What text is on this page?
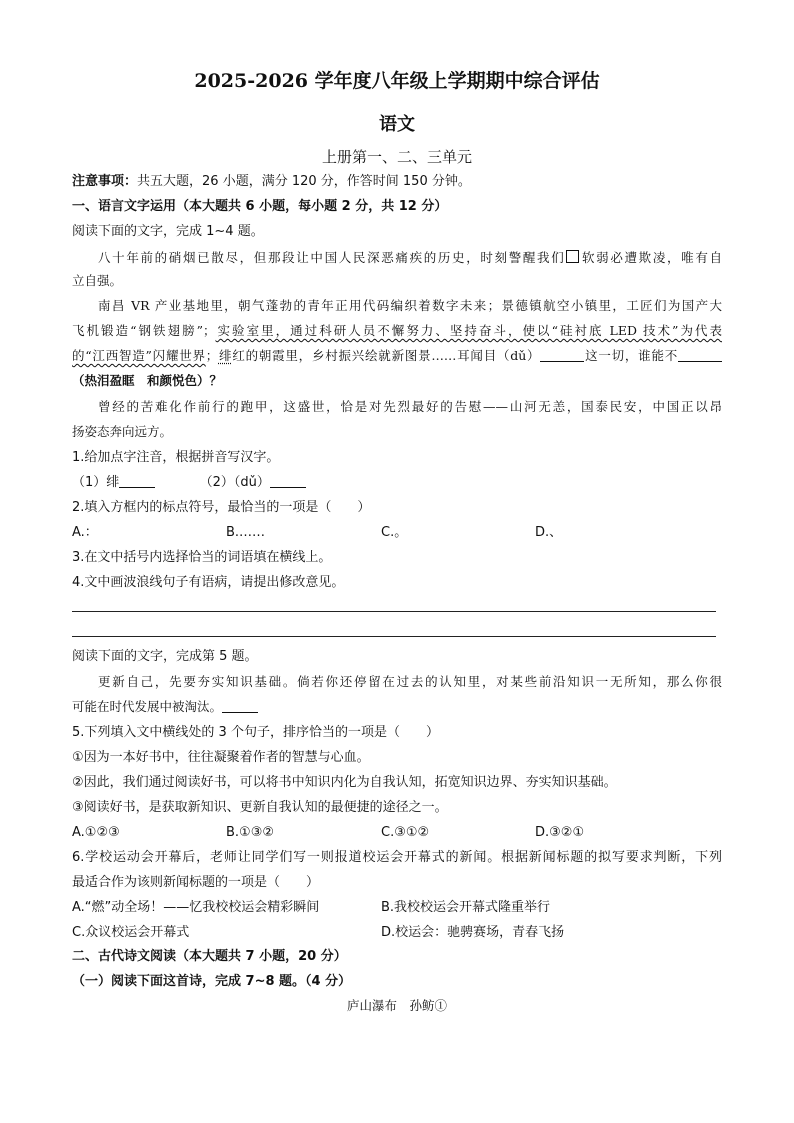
2025-2026 学年度八年级上学期期中综合评估
语文
上册第一、二、三单元
注意事项：共五大题，26 小题，满分 120 分，作答时间 150 分钟。
一、语言文字运用（本大题共 6 小题，每小题 2 分，共 12 分）
阅读下面的文字，完成 1~4 题。
八十年前的硝烟已散尽，但那段让中国人民深恶痛疾的历史，时刻警醒我们 软弱必遭欺凌，唯有自
立自强。
南昌 VR 产业基地里，朝气蓬勃的青年正用代码编织着数字未来；景德镇航空小镇里，工匠们为国产大
飞机锻造“钢铁翅膀”；实验室里，通过科研人员不懈努力、坚持奋斗，使以“硅衬底 LED 技术”为代表
的“江西智造”闪耀世界；绯红的朝霞里，乡村振兴绘就新图景……耳闻目（dǔ）	这一切，谁能不
（热泪盈眶　和颜悦色）？
曾经的苦难化作前行的跑甲，这盛世，恰是对先烈最好的告慰——山河无恙，国泰民安，中国正以昂
扬姿态奔向远方。
1.给加点字注音，根据拼音写汉字。
（1）绯	（2）（dǔ）
2.填入方框内的标点符号，最恰当的一项是（　　）
A.：	B.……	C.。	D.、
3.在文中括号内选择恰当的词语填在横线上。
4.文中画波浪线句子有语病，请提出修改意见。
阅读下面的文字，完成第 5 题。
更新自己，先要夯实知识基础。倘若你还停留在过去的认知里，对某些前沿知识一无所知，那么你很
可能在时代发展中被淘汰。
5.下列填入文中横线处的 3 个句子，排序恰当的一项是（　　）
①因为一本好书中，往往凝聚着作者的智慧与心血。
②因此，我们通过阅读好书，可以将书中知识内化为自我认知，拓宽知识边界、夯实知识基础。
③阅读好书，是获取新知识、更新自我认知的最便捷的途径之一。
A.①②③	B.①③②	C.③①②	D.③②①
6.学校运动会开幕后，老师让同学们写一则报道校运会开幕式的新闻。根据新闻标题的拟写要求判断，下列
最适合作为该则新闻标题的一项是（　　）
A.“燃”动全场！——忆我校校运会精彩瞬间	B.我校校运会开幕式隆重举行
C.众议校运会开幕式	D.校运会：驰骋赛场，青春飞扬
二、古代诗文阅读（本大题共 7 小题，20 分）
（一）阅读下面这首诗，完成 7~8 题。（4 分）
庐山瀑布　孙鲂①
